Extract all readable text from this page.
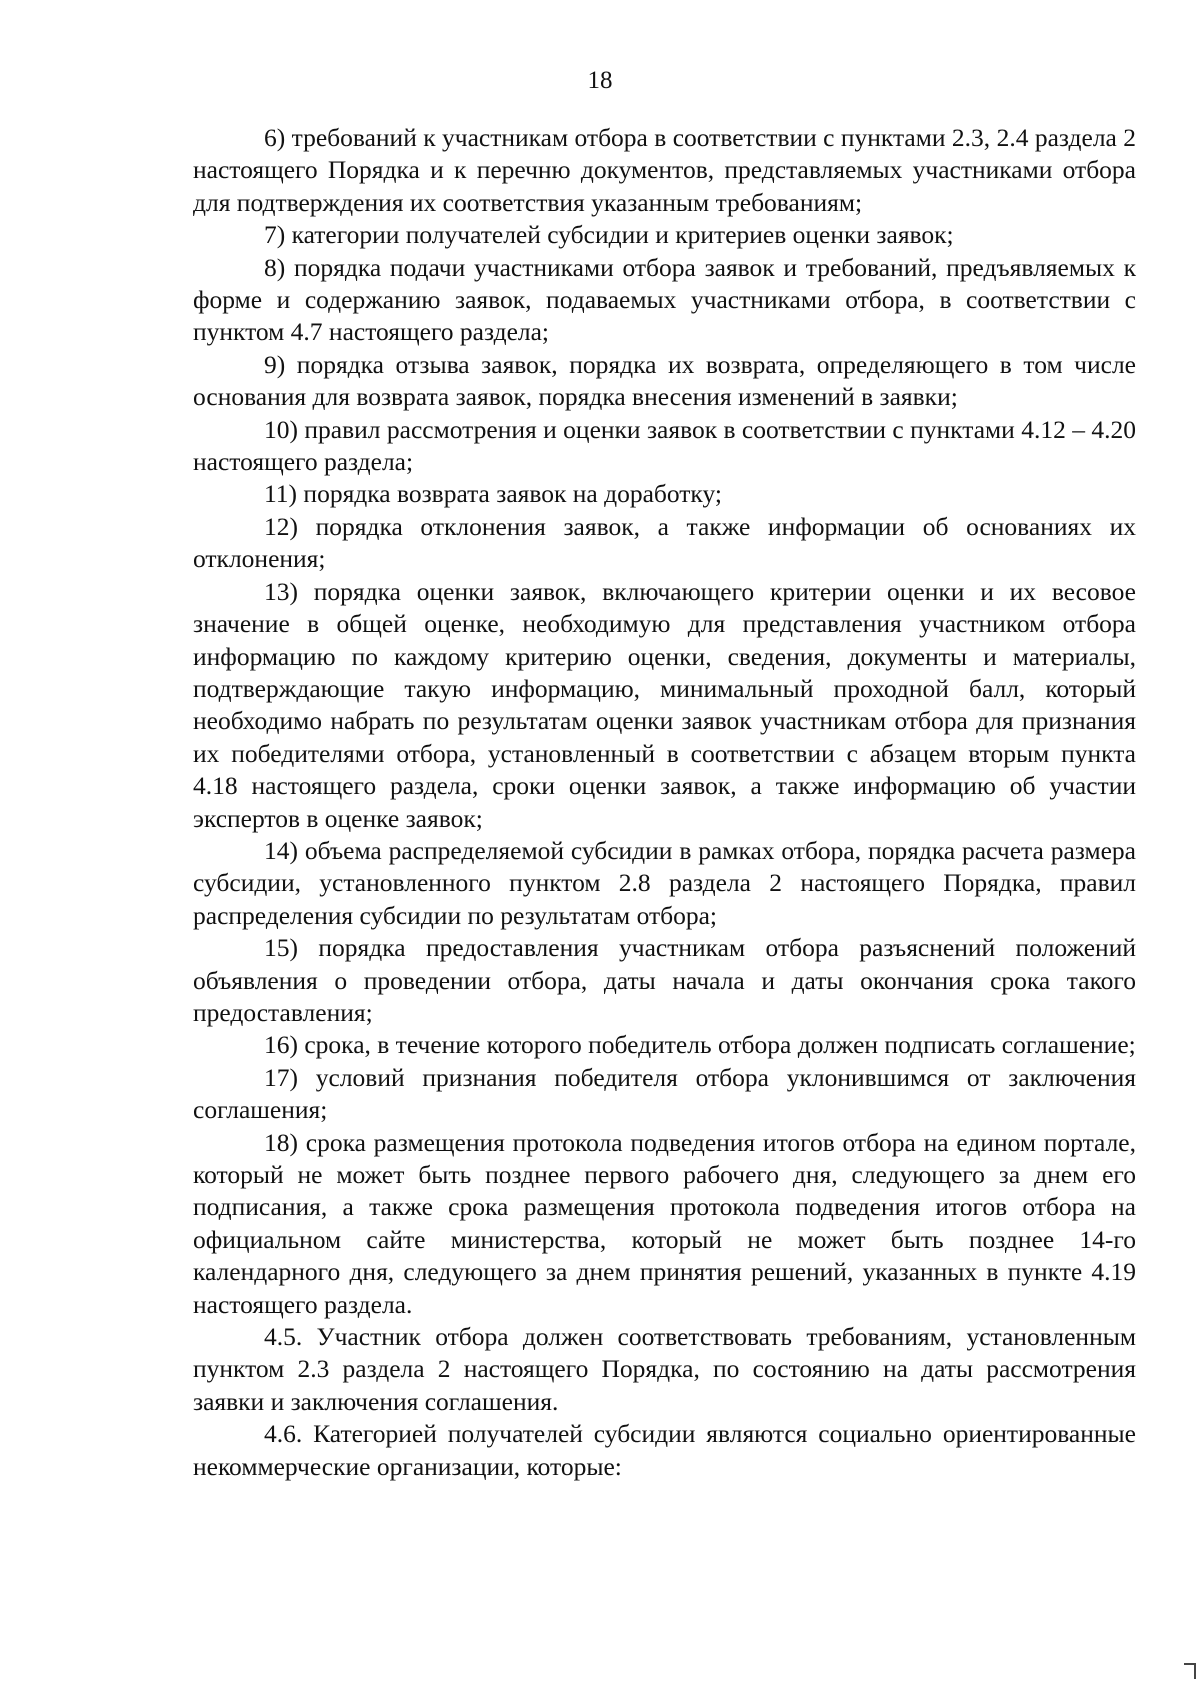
18

6) требований к участникам отбора в соответствии с пунктами 2.3, 2.4 раздела 2 настоящего Порядка и к перечню документов, представляемых участниками отбора для подтверждения их соответствия указанным требованиям;

7) категории получателей субсидии и критериев оценки заявок;

8) порядка подачи участниками отбора заявок и требований, предъявляемых к форме и содержанию заявок, подаваемых участниками отбора, в соответствии с пунктом 4.7 настоящего раздела;

9) порядка отзыва заявок, порядка их возврата, определяющего в том числе основания для возврата заявок, порядка внесения изменений в заявки;

10) правил рассмотрения и оценки заявок в соответствии с пунктами 4.12 – 4.20 настоящего раздела;

11) порядка возврата заявок на доработку;

12) порядка отклонения заявок, а также информации об основаниях их отклонения;

13) порядка оценки заявок, включающего критерии оценки и их весовое значение в общей оценке, необходимую для представления участником отбора информацию по каждому критерию оценки, сведения, документы и материалы, подтверждающие такую информацию, минимальный проходной балл, который необходимо набрать по результатам оценки заявок участникам отбора для признания их победителями отбора, установленный в соответствии с абзацем вторым пункта 4.18 настоящего раздела, сроки оценки заявок, а также информацию об участии экспертов в оценке заявок;

14) объема распределяемой субсидии в рамках отбора, порядка расчета размера субсидии, установленного пунктом 2.8 раздела 2 настоящего Порядка, правил распределения субсидии по результатам отбора;

15) порядка предоставления участникам отбора разъяснений положений объявления о проведении отбора, даты начала и даты окончания срока такого предоставления;

16) срока, в течение которого победитель отбора должен подписать соглашение;

17) условий признания победителя отбора уклонившимся от заключения соглашения;

18) срока размещения протокола подведения итогов отбора на едином портале, который не может быть позднее первого рабочего дня, следующего за днем его подписания, а также срока размещения протокола подведения итогов отбора на официальном сайте министерства, который не может быть позднее 14-го календарного дня, следующего за днем принятия решений, указанных в пункте 4.19 настоящего раздела.

4.5. Участник отбора должен соответствовать требованиям, установленным пунктом 2.3 раздела 2 настоящего Порядка, по состоянию на даты рассмотрения заявки и заключения соглашения.

4.6. Категорией получателей субсидии являются социально ориентированные некоммерческие организации, которые:
